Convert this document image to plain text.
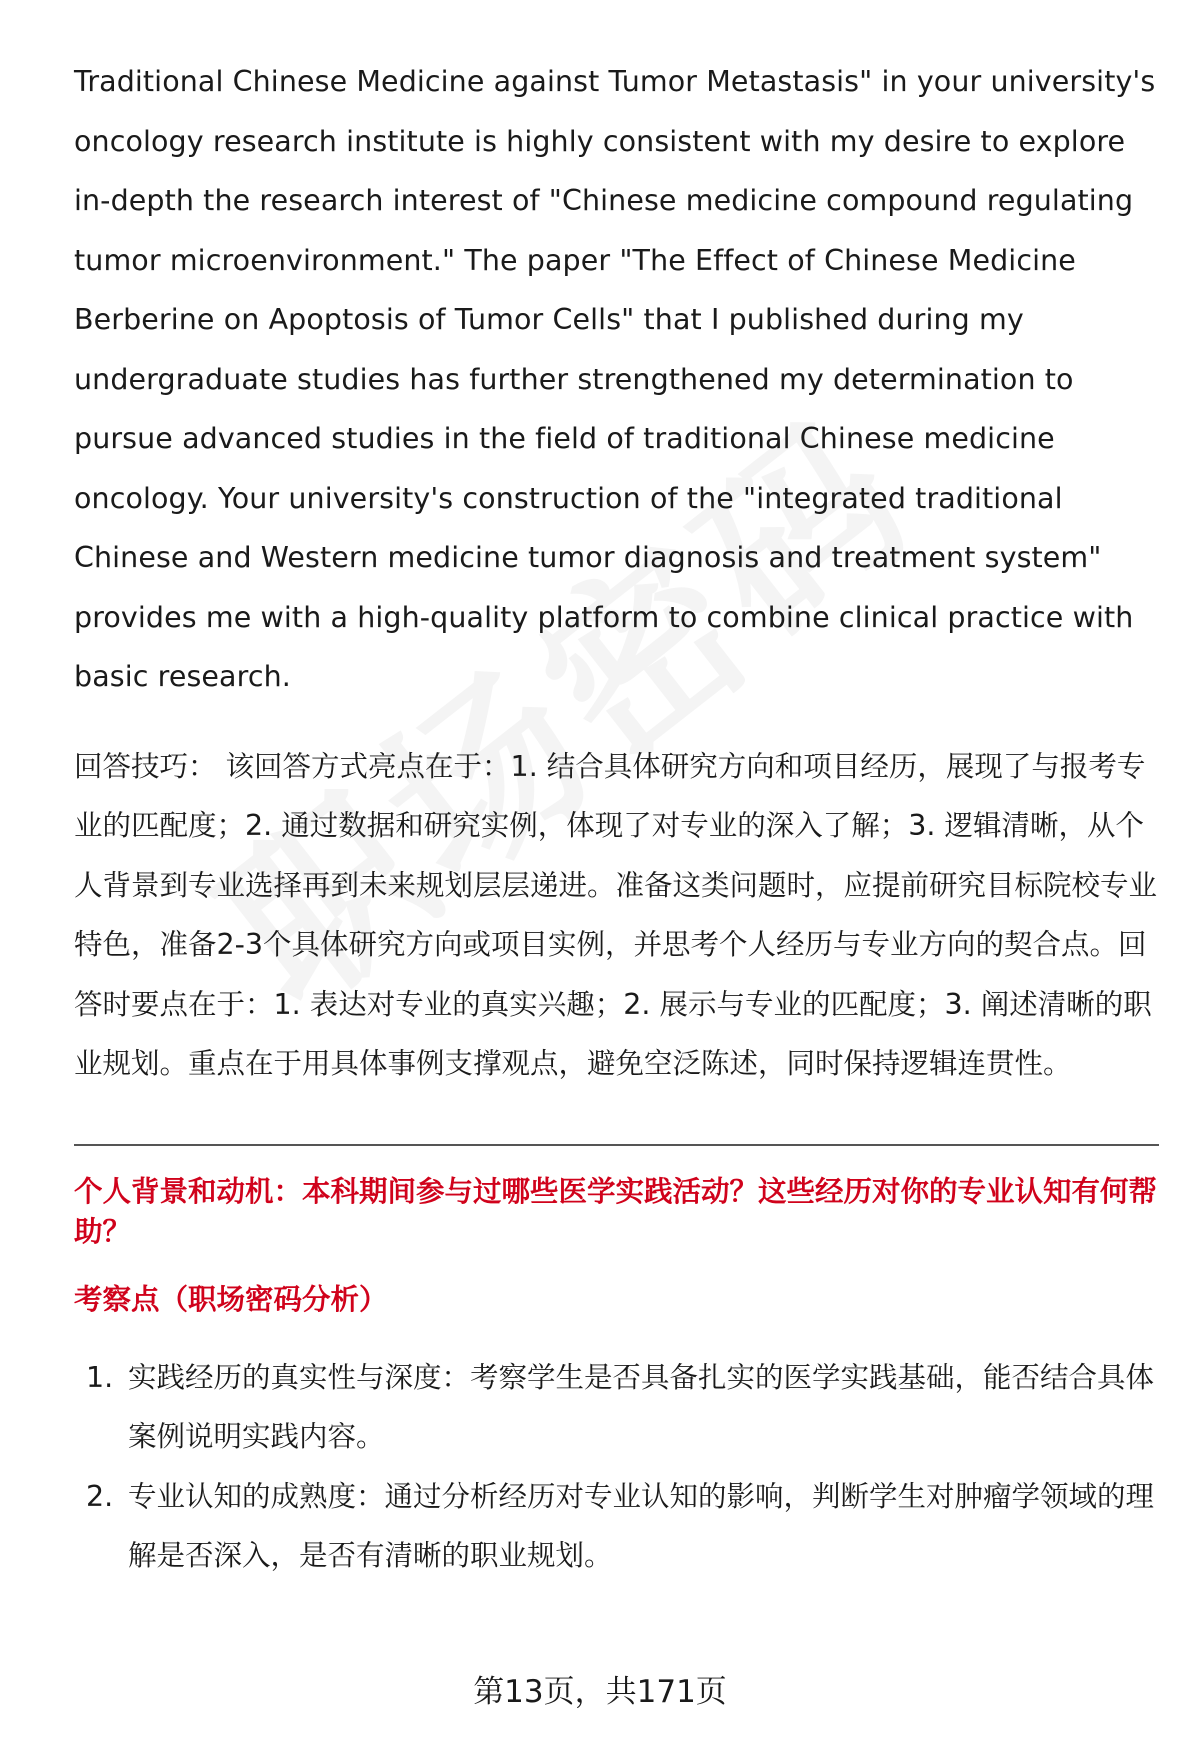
Traditional Chinese Medicine against Tumor Metastasis" in your university's oncology research institute is highly consistent with my desire to explore in-depth the research interest of "Chinese medicine compound regulating tumor microenvironment." The paper "The Effect of Chinese Medicine Berberine on Apoptosis of Tumor Cells" that I published during my undergraduate studies has further strengthened my determination to pursue advanced studies in the field of traditional Chinese medicine oncology. Your university's construction of the "integrated traditional Chinese and Western medicine tumor diagnosis and treatment system" provides me with a high-quality platform to combine clinical practice with basic research.

回答技巧： 该回答方式亮点在于：1. 结合具体研究方向和项目经历，展现了与报考专业的匹配度；2. 通过数据和研究实例，体现了对专业的深入了解；3. 逻辑清晰，从个人背景到专业选择再到未来规划层层递进。准备这类问题时，应提前研究目标院校专业特色，准备2-3个具体研究方向或项目实例，并思考个人经历与专业方向的契合点。回答时要点在于：1. 表达对专业的真实兴趣；2. 展示与专业的匹配度；3. 阐述清晰的职业规划。重点在于用具体事例支撑观点，避免空泛陈述，同时保持逻辑连贯性。

个人背景和动机：本科期间参与过哪些医学实践活动？这些经历对你的专业认知有何帮助？
考察点（职场密码分析）
1. 实践经历的真实性与深度：考察学生是否具备扎实的医学实践基础，能否结合具体案例说明实践内容。
2. 专业认知的成熟度：通过分析经历对专业认知的影响，判断学生对肿瘤学领域的理解是否深入，是否有清晰的职业规划。
第13页，共171页
